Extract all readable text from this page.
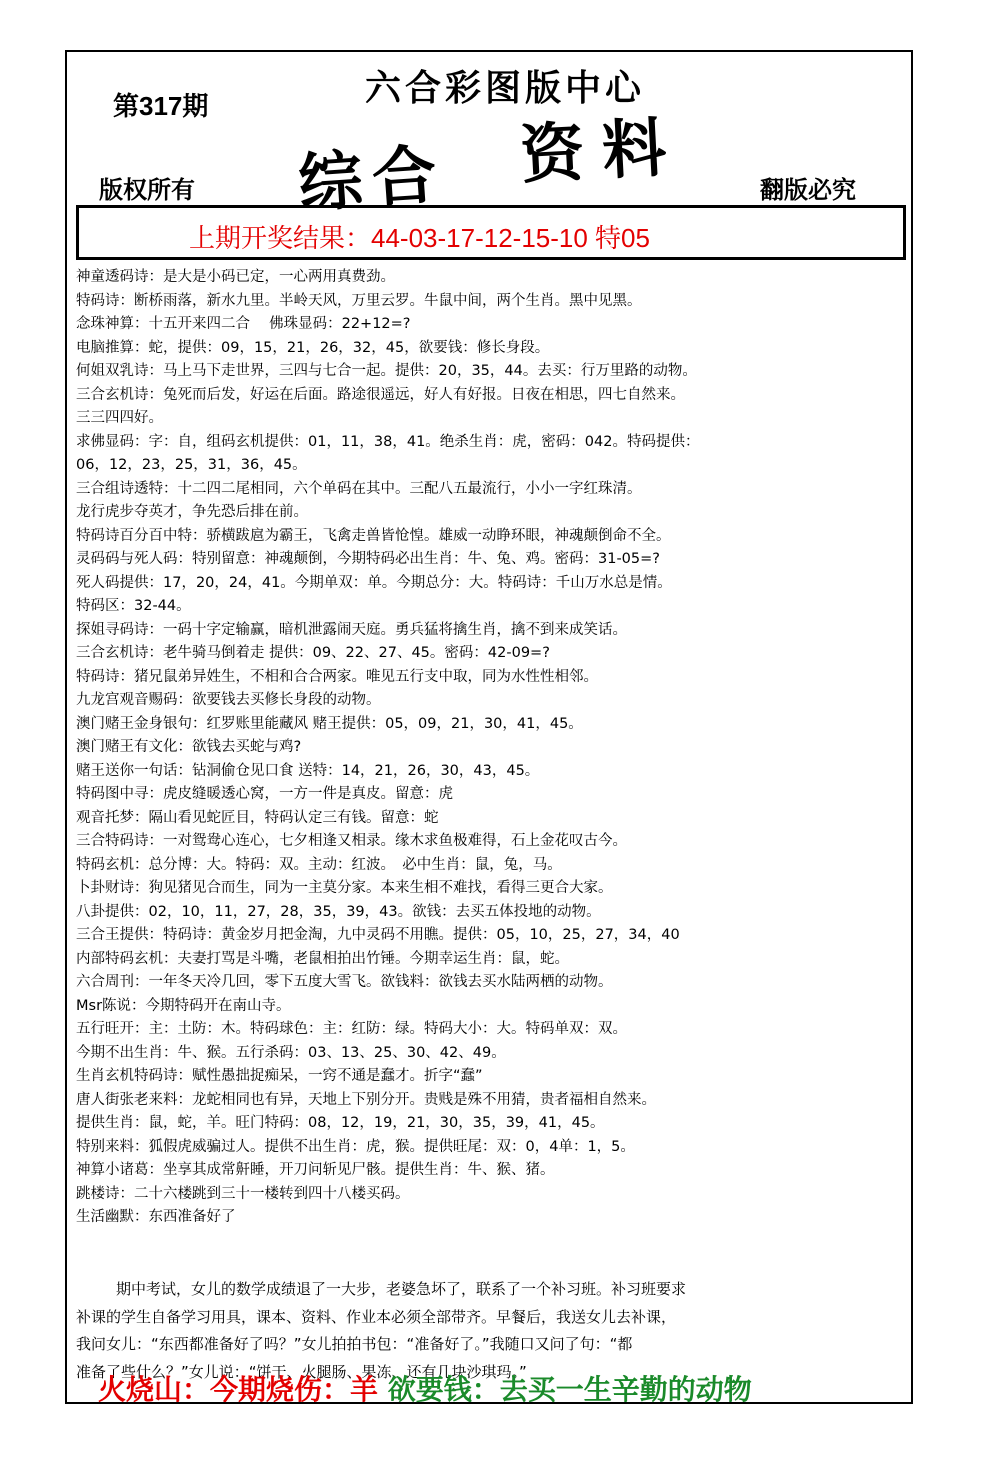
第317期	六合彩图版中心
综合 资料
版权所有	翻版必究
上期开奖结果：44-03-17-12-15-10 特05
神童透码诗：是大是小码已定，一心两用真费劲。
特码诗：断桥雨落，新水九里。半岭天风，万里云罗。牛鼠中间，两个生肖。黑中见黑。
念珠神算：十五开来四二合　 佛珠显码：22+12=?
电脑推算：蛇，提供：09，15，21，26，32，45，欲要钱：修长身段。
何姐双乳诗：马上马下走世界，三四与七合一起。提供：20，35，44。去买：行万里路的动物。
三合玄机诗：兔死而后发，好运在后面。路途很遥远，好人有好报。日夜在相思，四七自然来。
三三四四好。
求佛显码：字：自，组码玄机提供：01，11，38，41。绝杀生肖：虎，密码：042。特码提供：
06，12，23，25，31，36，45。
三合组诗透特：十二四二尾相同，六个单码在其中。三配八五最流行，小小一字红珠清。
龙行虎步夺英才，争先恐后排在前。
特码诗百分百中特：骄横跋扈为霸王，飞禽走兽皆怆惶。雄威一动睁环眼，神魂颠倒命不全。
灵码码与死人码：特别留意：神魂颠倒，今期特码必出生肖：牛、兔、鸡。密码：31-05=?
死人码提供：17，20，24，41。今期单双：单。今期总分：大。特码诗：千山万水总是情。
特码区：32-44。
探姐寻码诗：一码十字定输赢，暗机泄露闹天庭。勇兵猛将擒生肖，擒不到来成笑话。
三合玄机诗：老牛骑马倒着走 提供：09、22、27、45。密码：42-09=?
特码诗：猪兄鼠弟异姓生，不相和合合两家。唯见五行支中取，同为水性性相邻。
九龙宫观音赐码：欲要钱去买修长身段的动物。
澳门赌王金身银句：红罗账里能藏风 赌王提供：05，09，21，30，41，45。
澳门赌王有文化：欲钱去买蛇与鸡?
赌王送你一句话：钻洞偷仓见口食 送特：14，21，26，30，43，45。
特码图中寻：虎皮缝暖透心窝，一方一件是真皮。留意：虎
观音托梦：隔山看见蛇匠目，特码认定三有钱。留意：蛇
三合特码诗：一对鸳鸯心连心，七夕相逢又相录。缘木求鱼极难得，石上金花叹古今。
特码玄机：总分博：大。特码：双。主动：红波。　必中生肖：鼠，兔，马。
卜卦财诗：狗见猪见合而生，同为一主莫分家。本来生相不难找，看得三更合大家。
八卦提供：02，10，11，27，28，35，39，43。欲钱：去买五体投地的动物。
三合王提供：特码诗：黄金岁月把金淘，九中灵码不用瞧。提供：05，10，25，27，34，40
内部特码玄机：夫妻打骂是斗嘴，老鼠相拍出竹锤。今期幸运生肖：鼠，蛇。
六合周刊：一年冬天冷几回，零下五度大雪飞。欲钱料：欲钱去买水陆两栖的动物。
Msr陈说：今期特码开在南山寺。
五行旺开：主：土防：木。特码球色：主：红防：绿。特码大小：大。特码单双：双。
今期不出生肖：牛、猴。五行杀码：03、13、25、30、42、49。
生肖玄机特码诗：赋性愚拙捉痴呆，一窍不通是蠢才。折字“蠢”
唐人街张老来料：龙蛇相同也有异，天地上下别分开。贵贱是殊不用猜，贵者福相自然来。
提供生肖：鼠，蛇，羊。旺门特码：08，12，19，21，30，35，39，41，45。
特别来料：狐假虎威骗过人。提供不出生肖：虎，猴。提供旺尾：双：0，4单：1，5。
神算小诸葛：坐享其成常鼾睡，开刀问斩见尸骸。提供生肖：牛、猴、猪。
跳楼诗：二十六楼跳到三十一楼转到四十八楼买码。
生活幽默：东西准备好了
期中考试，女儿的数学成绩退了一大步，老婆急坏了，联系了一个补习班。补习班要求
补课的学生自备学习用具，课本、资料、作业本必须全部带齐。早餐后，我送女儿去补课，
我问女儿：“东西都准备好了吗？”女儿拍拍书包：“准备好了。”我随口又问了句：“都
准备了些什么？”女儿说：“饼干、火腿肠、果冻、还有几块沙琪玛。”
火烧山：今期烧伤：羊 欲要钱：去买一生辛勤的动物
